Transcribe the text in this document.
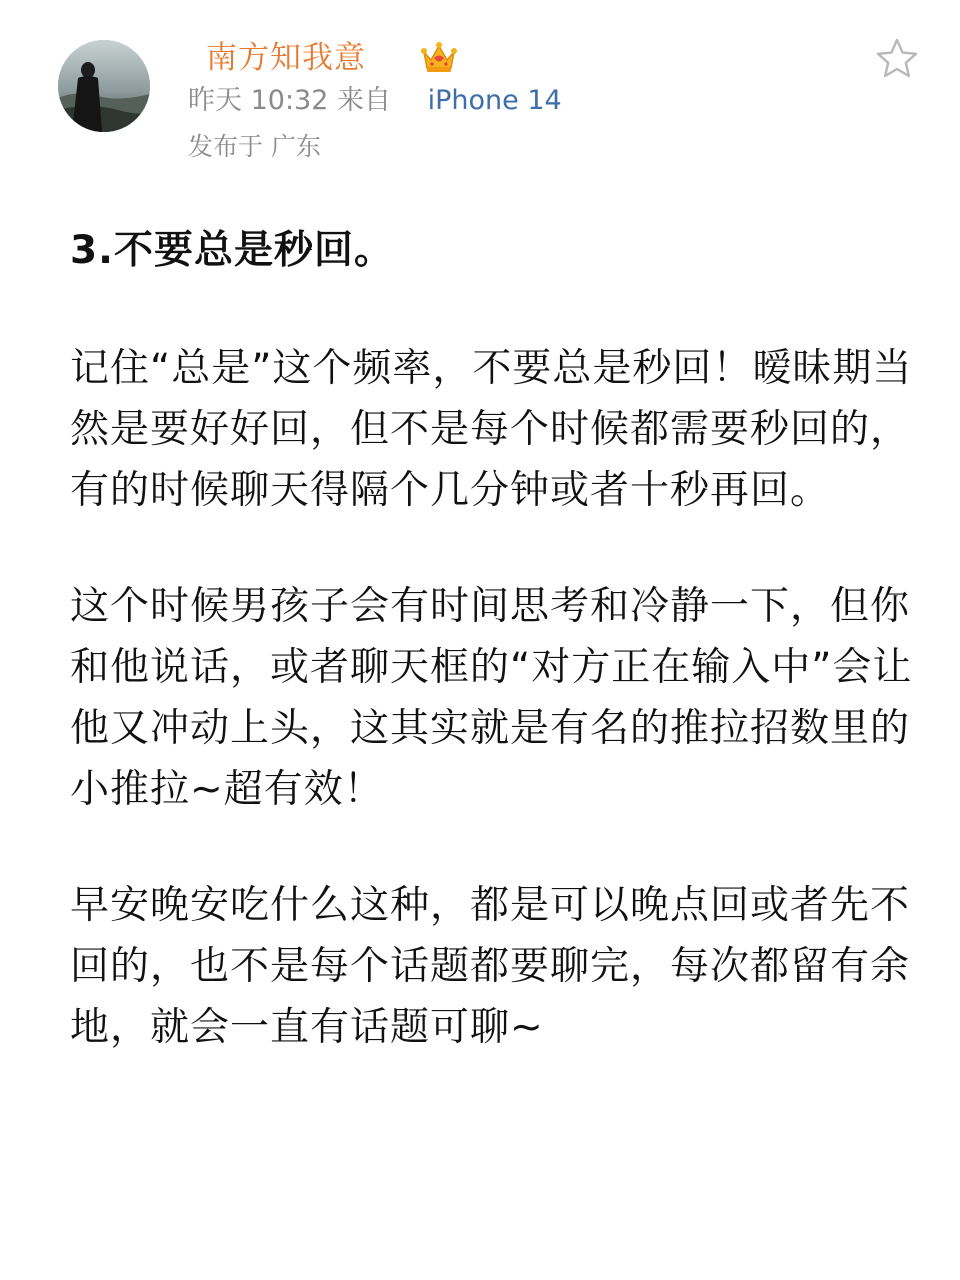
南方知我意
昨天 10:32 来自 iPhone 14
发布于 广东

3.不要总是秒回。

记住“总是”这个频率，不要总是秒回！暧昧期当然是要好好回，但不是每个时候都需要秒回的，有的时候聊天得隔个几分钟或者十秒再回。

这个时候男孩子会有时间思考和冷静一下，但你和他说话，或者聊天框的“对方正在输入中”会让他又冲动上头，这其实就是有名的推拉招数里的小推拉~超有效！

早安晚安吃什么这种，都是可以晚点回或者先不回的，也不是每个话题都要聊完，每次都留有余地，就会一直有话题可聊~
